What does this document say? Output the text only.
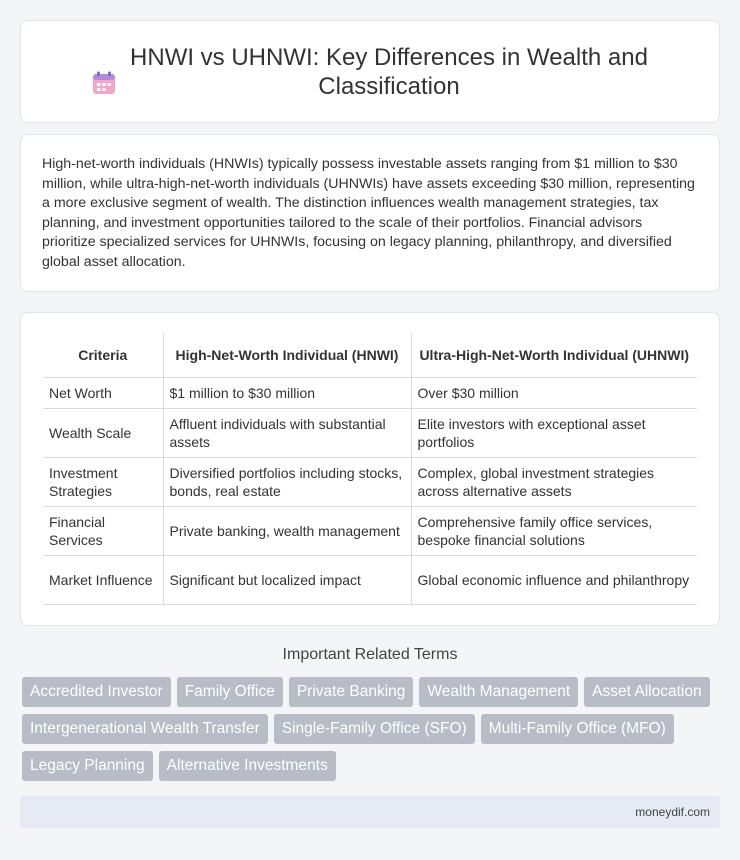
HNWI vs UHNWI: Key Differences in Wealth and Classification

High-net-worth individuals (HNWIs) typically possess investable assets ranging from $1 million to $30 million, while ultra-high-net-worth individuals (UHNWIs) have assets exceeding $30 million, representing a more exclusive segment of wealth. The distinction influences wealth management strategies, tax planning, and investment opportunities tailored to the scale of their portfolios. Financial advisors prioritize specialized services for UHNWIs, focusing on legacy planning, philanthropy, and diversified global asset allocation.

Criteria	High-Net-Worth Individual (HNWI)	Ultra-High-Net-Worth Individual (UHNWI)
Net Worth	$1 million to $30 million	Over $30 million
Wealth Scale	Affluent individuals with substantial assets	Elite investors with exceptional asset portfolios
Investment Strategies	Diversified portfolios including stocks, bonds, real estate	Complex, global investment strategies across alternative assets
Financial Services	Private banking, wealth management	Comprehensive family office services, bespoke financial solutions
Market Influence	Significant but localized impact	Global economic influence and philanthropy
Important Related Terms
Accredited Investor	Family Office	Private Banking	Wealth Management	Asset Allocation
Intergenerational Wealth Transfer	Single-Family Office (SFO)	Multi-Family Office (MFO)
Legacy Planning	Alternative Investments
moneydif.com
